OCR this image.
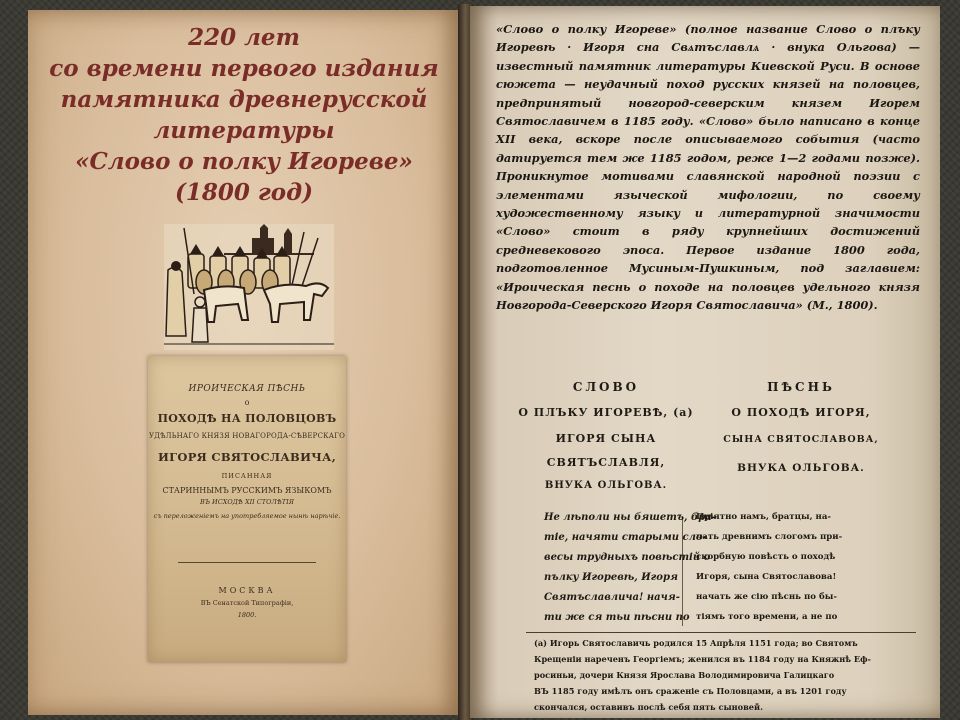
220 лет
со времени первого издания
памятника древнерусской
литературы
«Слово о полку Игореве»
(1800 год)
ИРОИЧЕСКАЯ ПѢСНЬ
о
ПОХОДѢ НА ПОЛОВЦОВЪ
УДѢЛЬНАГО КНЯЗЯ НОВАГОРОДА-СѢВЕРСКАГО
ИГОРЯ СВЯТОСЛАВИЧА,
ПИСАННАЯ
СТАРИННЫМЪ РУССКИМЪ ЯЗЫКОМЪ
ВЪ ИСХОДѢ XII СТОЛѢТІЯ
съ переложеніемъ на употребляемое нынѣ нарѣчіе.
МОСКВА
ВЪ Сенатской Типографіи,
1800.
«Слово о полку Игореве» (полное название Слово о плъку Игоревѣ · Игоря сна Свѧтъславлѧ · внука Ольгова) — известный памятник литературы Киевской Руси. В основе сюжета — неудачный поход русских князей на половцев, предпринятый новгород-северским князем Игорем Святославичем в 1185 году. «Слово» было написано в конце XII века, вскоре после описываемого события (часто датируется тем же 1185 годом, реже 1—2 годами позже). Проникнутое мотивами славянской народной поэзии с элементами языческой мифологии, по своему художественному языку и литературной значимости «Слово» стоит в ряду крупнейших достижений средневекового эпоса. Первое издание 1800 года, подготовленное Мусиным-Пушкиным, под заглавием: «Ироическая песнь о походе на половцев удельного князя Новгорода-Северского Игоря Святославича» (М., 1800).
СЛОВО
О ПЛЪКУ ИГОРЕВѢ, (а)
ИГОРЯ СЫНА
СВЯТЪСЛАВЛЯ,
ВНУКА ОЛЬГОВА.
ПѢСНЬ
О ПОХОДѢ ИГОРЯ,
СЫНА СВЯТОСЛАВОВА,
ВНУКА ОЛЬГОВА.
Не лѣполи ны бяшетъ, бра-
тіе, начяти старыми сло-
весы трудныхъ повѣстій о
пълку Игоревѣ, Игоря
Святъславлича! начя-
ти же ся тьи пѣсни по
Пріятно намъ, братцы, на-
чать древнимъ слогомъ при-
скорбную повѣсть о походѣ
Игоря, сына Святославова!
начать же сію пѣснь по бы-
тіямъ того времени, а не по
(а) Игорь Святославичь родился 15 Апрѣля 1151 года; во Святомъ
Крещеніи нареченъ Георгіемъ; женился въ 1184 году на Княжнѣ Еф-
росиньи, дочери Князя Ярослава Володимировича Галицкаго
ВЪ 1185 году имѣлъ онъ сраженіе съ Половцами, а въ 1201 году
скончался, оставивъ послѣ себя пять сыновей.
